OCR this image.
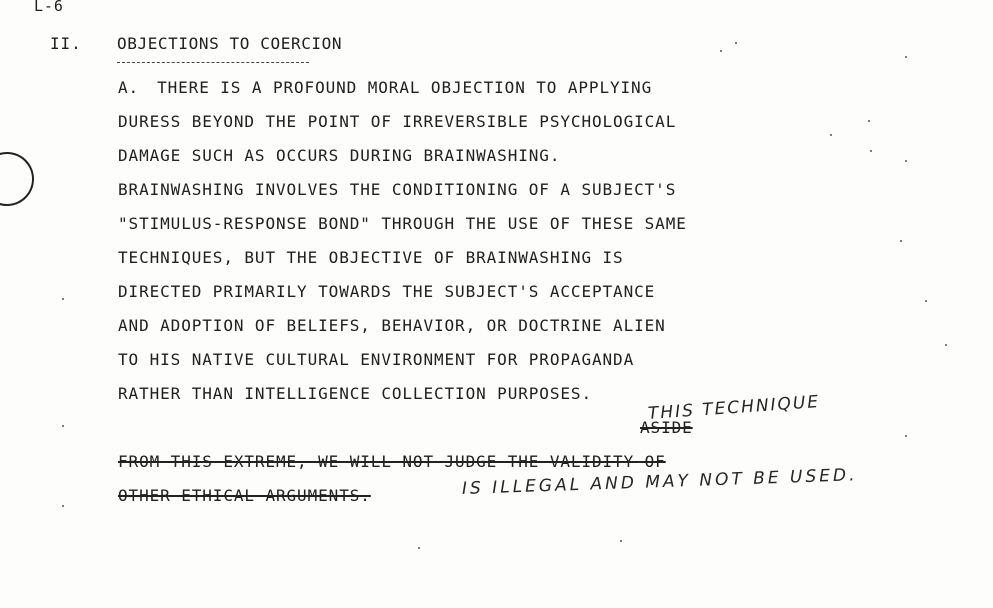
L-6
II. OBJECTIONS TO COERCION
A. THERE IS A PROFOUND MORAL OBJECTION TO APPLYING
DURESS BEYOND THE POINT OF IRREVERSIBLE PSYCHOLOGICAL
DAMAGE SUCH AS OCCURS DURING BRAINWASHING.
BRAINWASHING INVOLVES THE CONDITIONING OF A SUBJECT'S
"STIMULUS-RESPONSE BOND" THROUGH THE USE OF THESE SAME
TECHNIQUES, BUT THE OBJECTIVE OF BRAINWASHING IS
DIRECTED PRIMARILY TOWARDS THE SUBJECT'S ACCEPTANCE
AND ADOPTION OF BELIEFS, BEHAVIOR, OR DOCTRINE ALIEN
TO HIS NATIVE CULTURAL ENVIRONMENT FOR PROPAGANDA
RATHER THAN INTELLIGENCE COLLECTION PURPOSES.
ASIDE
FROM THIS EXTREME, WE WILL NOT JUDGE THE VALIDITY OF
OTHER ETHICAL ARGUMENTS.
THIS TECHNIQUE
IS ILLEGAL AND MAY NOT BE USED.
